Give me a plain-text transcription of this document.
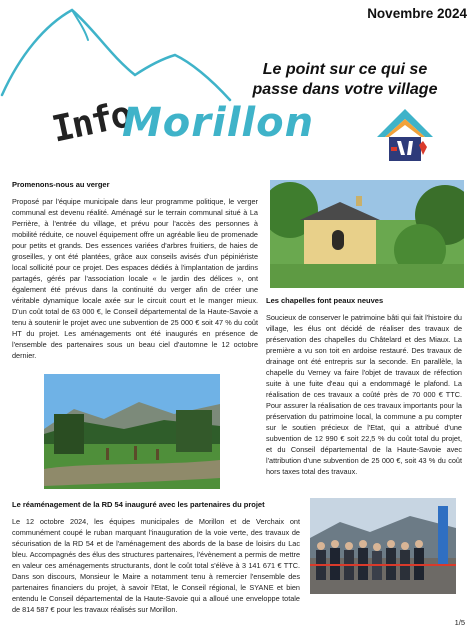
Novembre 2024
Info
Morillon
Le point sur ce qui se
passe dans votre village
Promenons-nous au verger

Proposé par l'équipe municipale dans leur programme politique, le verger communal est devenu réalité. Aménagé sur le terrain communal situé à La Perrière, à l'entrée du village, et prévu pour l'accès des personnes à mobilité réduite, ce nouvel équipement offre un agréable lieu de promenade pour petits et grands. Des essences variées d'arbres fruitiers, de haies de groseilles, y ont été plantées, grâce aux conseils avisés d'un pépiniériste local sollicité pour ce projet. Des espaces dédiés à l'implantation de jardins partagés, gérés par l'association locale « le jardin des délices », ont également été prévus dans la continuité du verger afin de créer une véritable dynamique locale axée sur le circuit court et le manger mieux. D'un coût total de 63 000 €, le Conseil départemental de la Haute-Savoie a tenu à soutenir le projet avec une subvention de 25 000 € soit 47 % du coût HT du projet. Les aménagements ont été inaugurés en présence de l'ensemble des partenaires sous un beau ciel d'automne le 12 octobre dernier.

Les chapelles font peaux neuves

Soucieux de conserver le patrimoine bâti qui fait l'histoire du village, les élus ont décidé de réaliser des travaux de préservation des chapelles du Châtelard et des Miaux. La première a vu son toit en ardoise restauré. Des travaux de drainage ont été entrepris sur la seconde. En parallèle, la chapelle du Verney va faire l'objet de travaux de réfection suite à une fuite d'eau qui a endommagé le plafond. La réalisation de ces travaux a coûté près de 70 000 € TTC. Pour assurer la réalisation de ces travaux importants pour la préservation du patrimoine local, la commune a pu compter sur le soutien précieux de l'Etat, qui a attribué d'une subvention de 12 990 € soit 22,5 % du coût total du projet, et du Conseil départemental de la Haute-Savoie avec l'attribution d'une subvention de 25 000 €, soit 43 % du coût hors taxes total des travaux.

Le réaménagement de la RD 54 inauguré avec les partenaires du projet

Le 12 octobre 2024, les équipes municipales de Morillon et de Verchaix ont communément coupé le ruban marquant l'inauguration de la voie verte, des travaux de sécurisation de la RD 54 et de l'aménagement des abords de la base de loisirs du Lac bleu. Accompagnés des élus des structures partenaires, l'évènement a permis de mettre en valeur ces aménagements structurants, dont le coût total s'élève à 3 141 671 € TTC. Dans son discours, Monsieur le Maire a notamment tenu à remercier l'ensemble des partenaires financiers du projet, à savoir l'Etat, le Conseil régional, le SYANE et bien entendu le Conseil départemental de la Haute-Savoie qui a alloué une enveloppe totale de 814 587 € pour les travaux réalisés sur Morillon.

1/5
